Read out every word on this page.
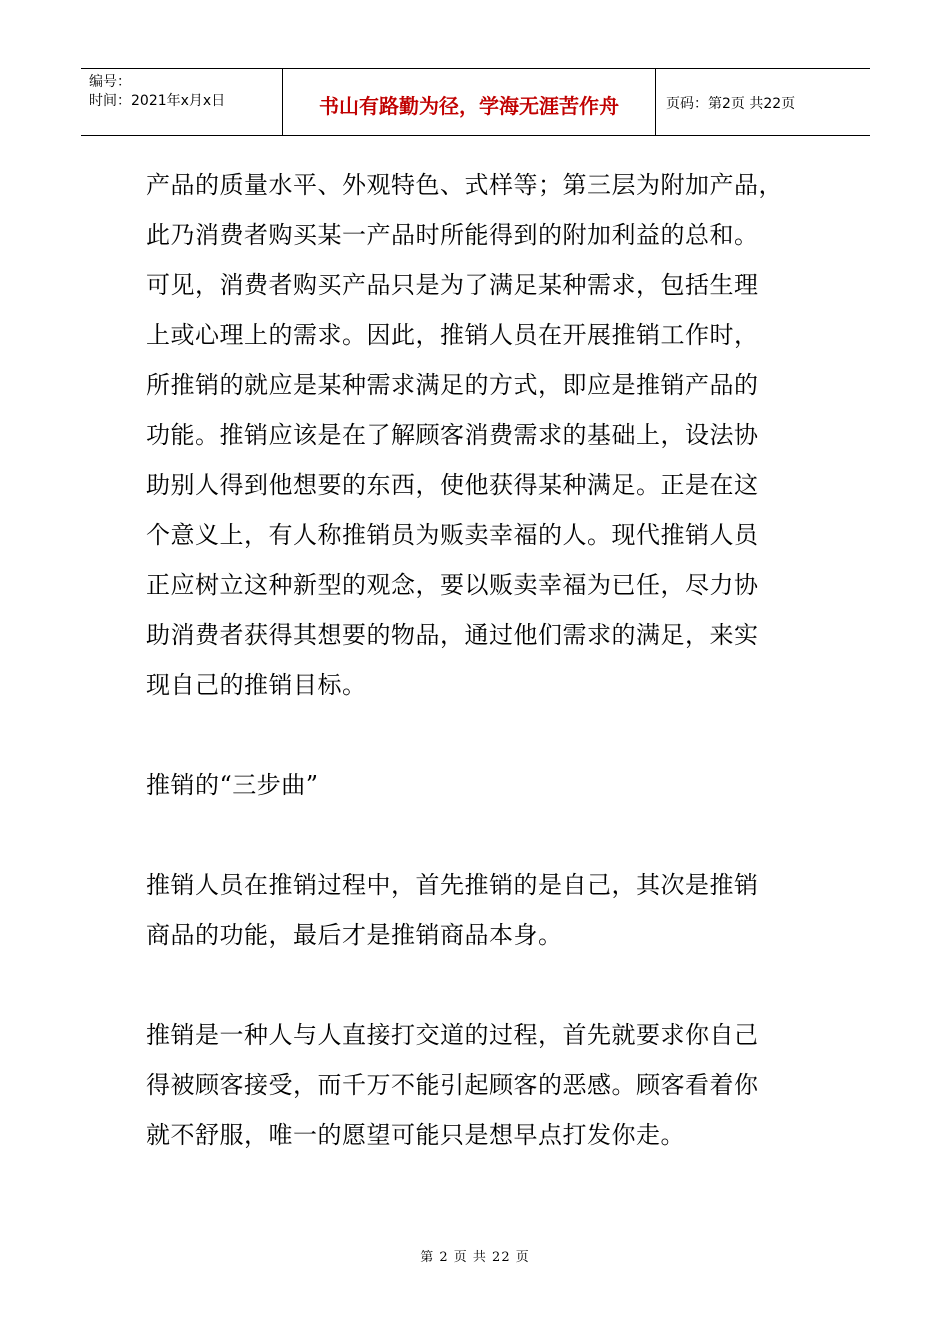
编号：
时间：2021年x月x日	书山有路勤为径，学海无涯苦作舟	页码：第2页 共22页

产品的质量水平、外观特色、式样等；第三层为附加产品，
此乃消费者购买某一产品时所能得到的附加利益的总和。
可见，消费者购买产品只是为了满足某种需求，包括生理
上或心理上的需求。因此，推销人员在开展推销工作时，
所推销的就应是某种需求满足的方式，即应是推销产品的
功能。推销应该是在了解顾客消费需求的基础上，设法协
助别人得到他想要的东西，使他获得某种满足。正是在这
个意义上，有人称推销员为贩卖幸福的人。现代推销人员
正应树立这种新型的观念，要以贩卖幸福为已任，尽力协
助消费者获得其想要的物品，通过他们需求的满足，来实
现自己的推销目标。

推销的“三步曲”

推销人员在推销过程中，首先推销的是自己，其次是推销
商品的功能，最后才是推销商品本身。

推销是一种人与人直接打交道的过程，首先就要求你自己
得被顾客接受，而千万不能引起顾客的恶感。顾客看着你
就不舒服，唯一的愿望可能只是想早点打发你走。

第 2 页 共 22 页
